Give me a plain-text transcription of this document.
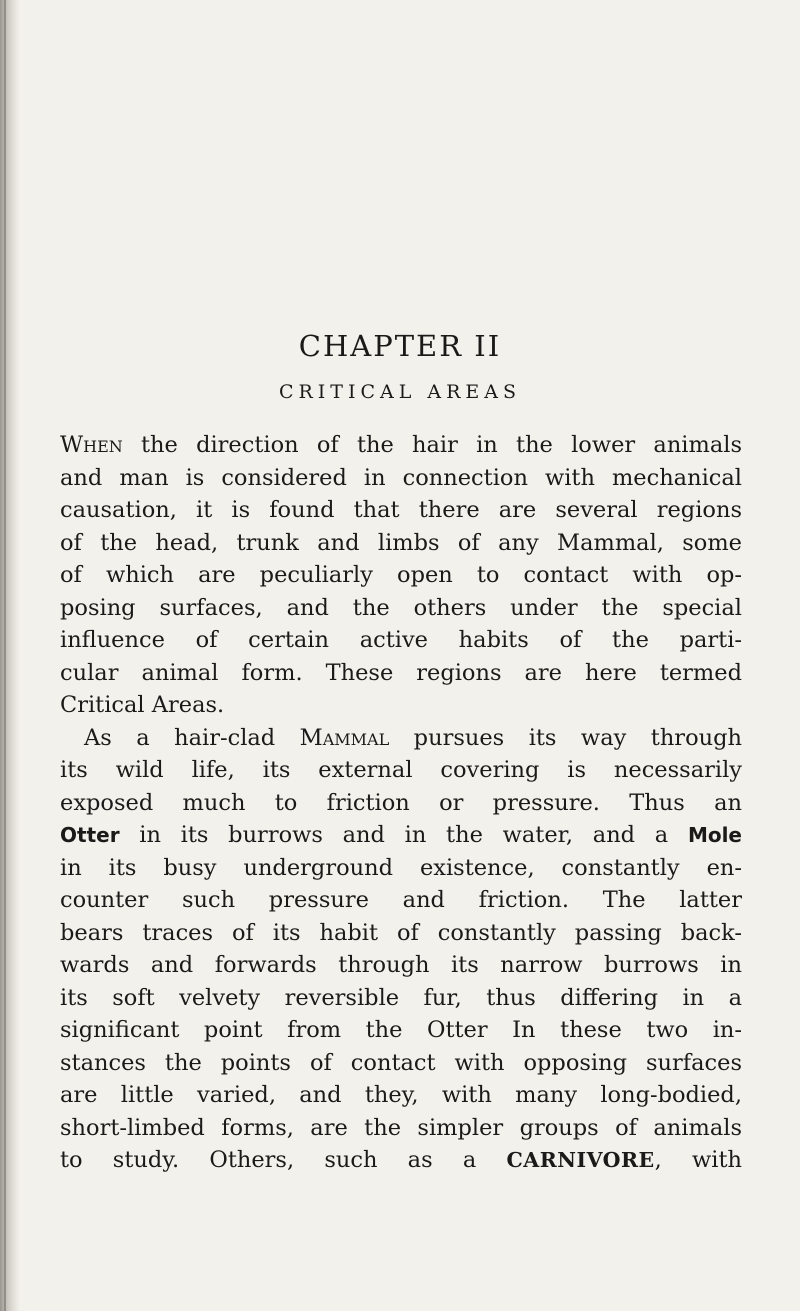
CHAPTER II
CRITICAL AREAS
When the direction of the hair in the lower animals
and man is considered in connection with mechanical
causation, it is found that there are several regions
of the head, trunk and limbs of any Mammal, some
of which are peculiarly open to contact with op-
posing surfaces, and the others under the special
influence of certain active habits of the parti-
cular animal form. These regions are here termed
Critical Areas.
As a hair-clad Mammal pursues its way through
its wild life, its external covering is necessarily
exposed much to friction or pressure. Thus an
Otter in its burrows and in the water, and a Mole
in its busy underground existence, constantly en-
counter such pressure and friction. The latter
bears traces of its habit of constantly passing back-
wards and forwards through its narrow burrows in
its soft velvety reversible fur, thus differing in a
significant point from the Otter In these two in-
stances the points of contact with opposing surfaces
are little varied, and they, with many long-bodied,
short-limbed forms, are the simpler groups of animals
to study. Others, such as a CARNIVORE, with
